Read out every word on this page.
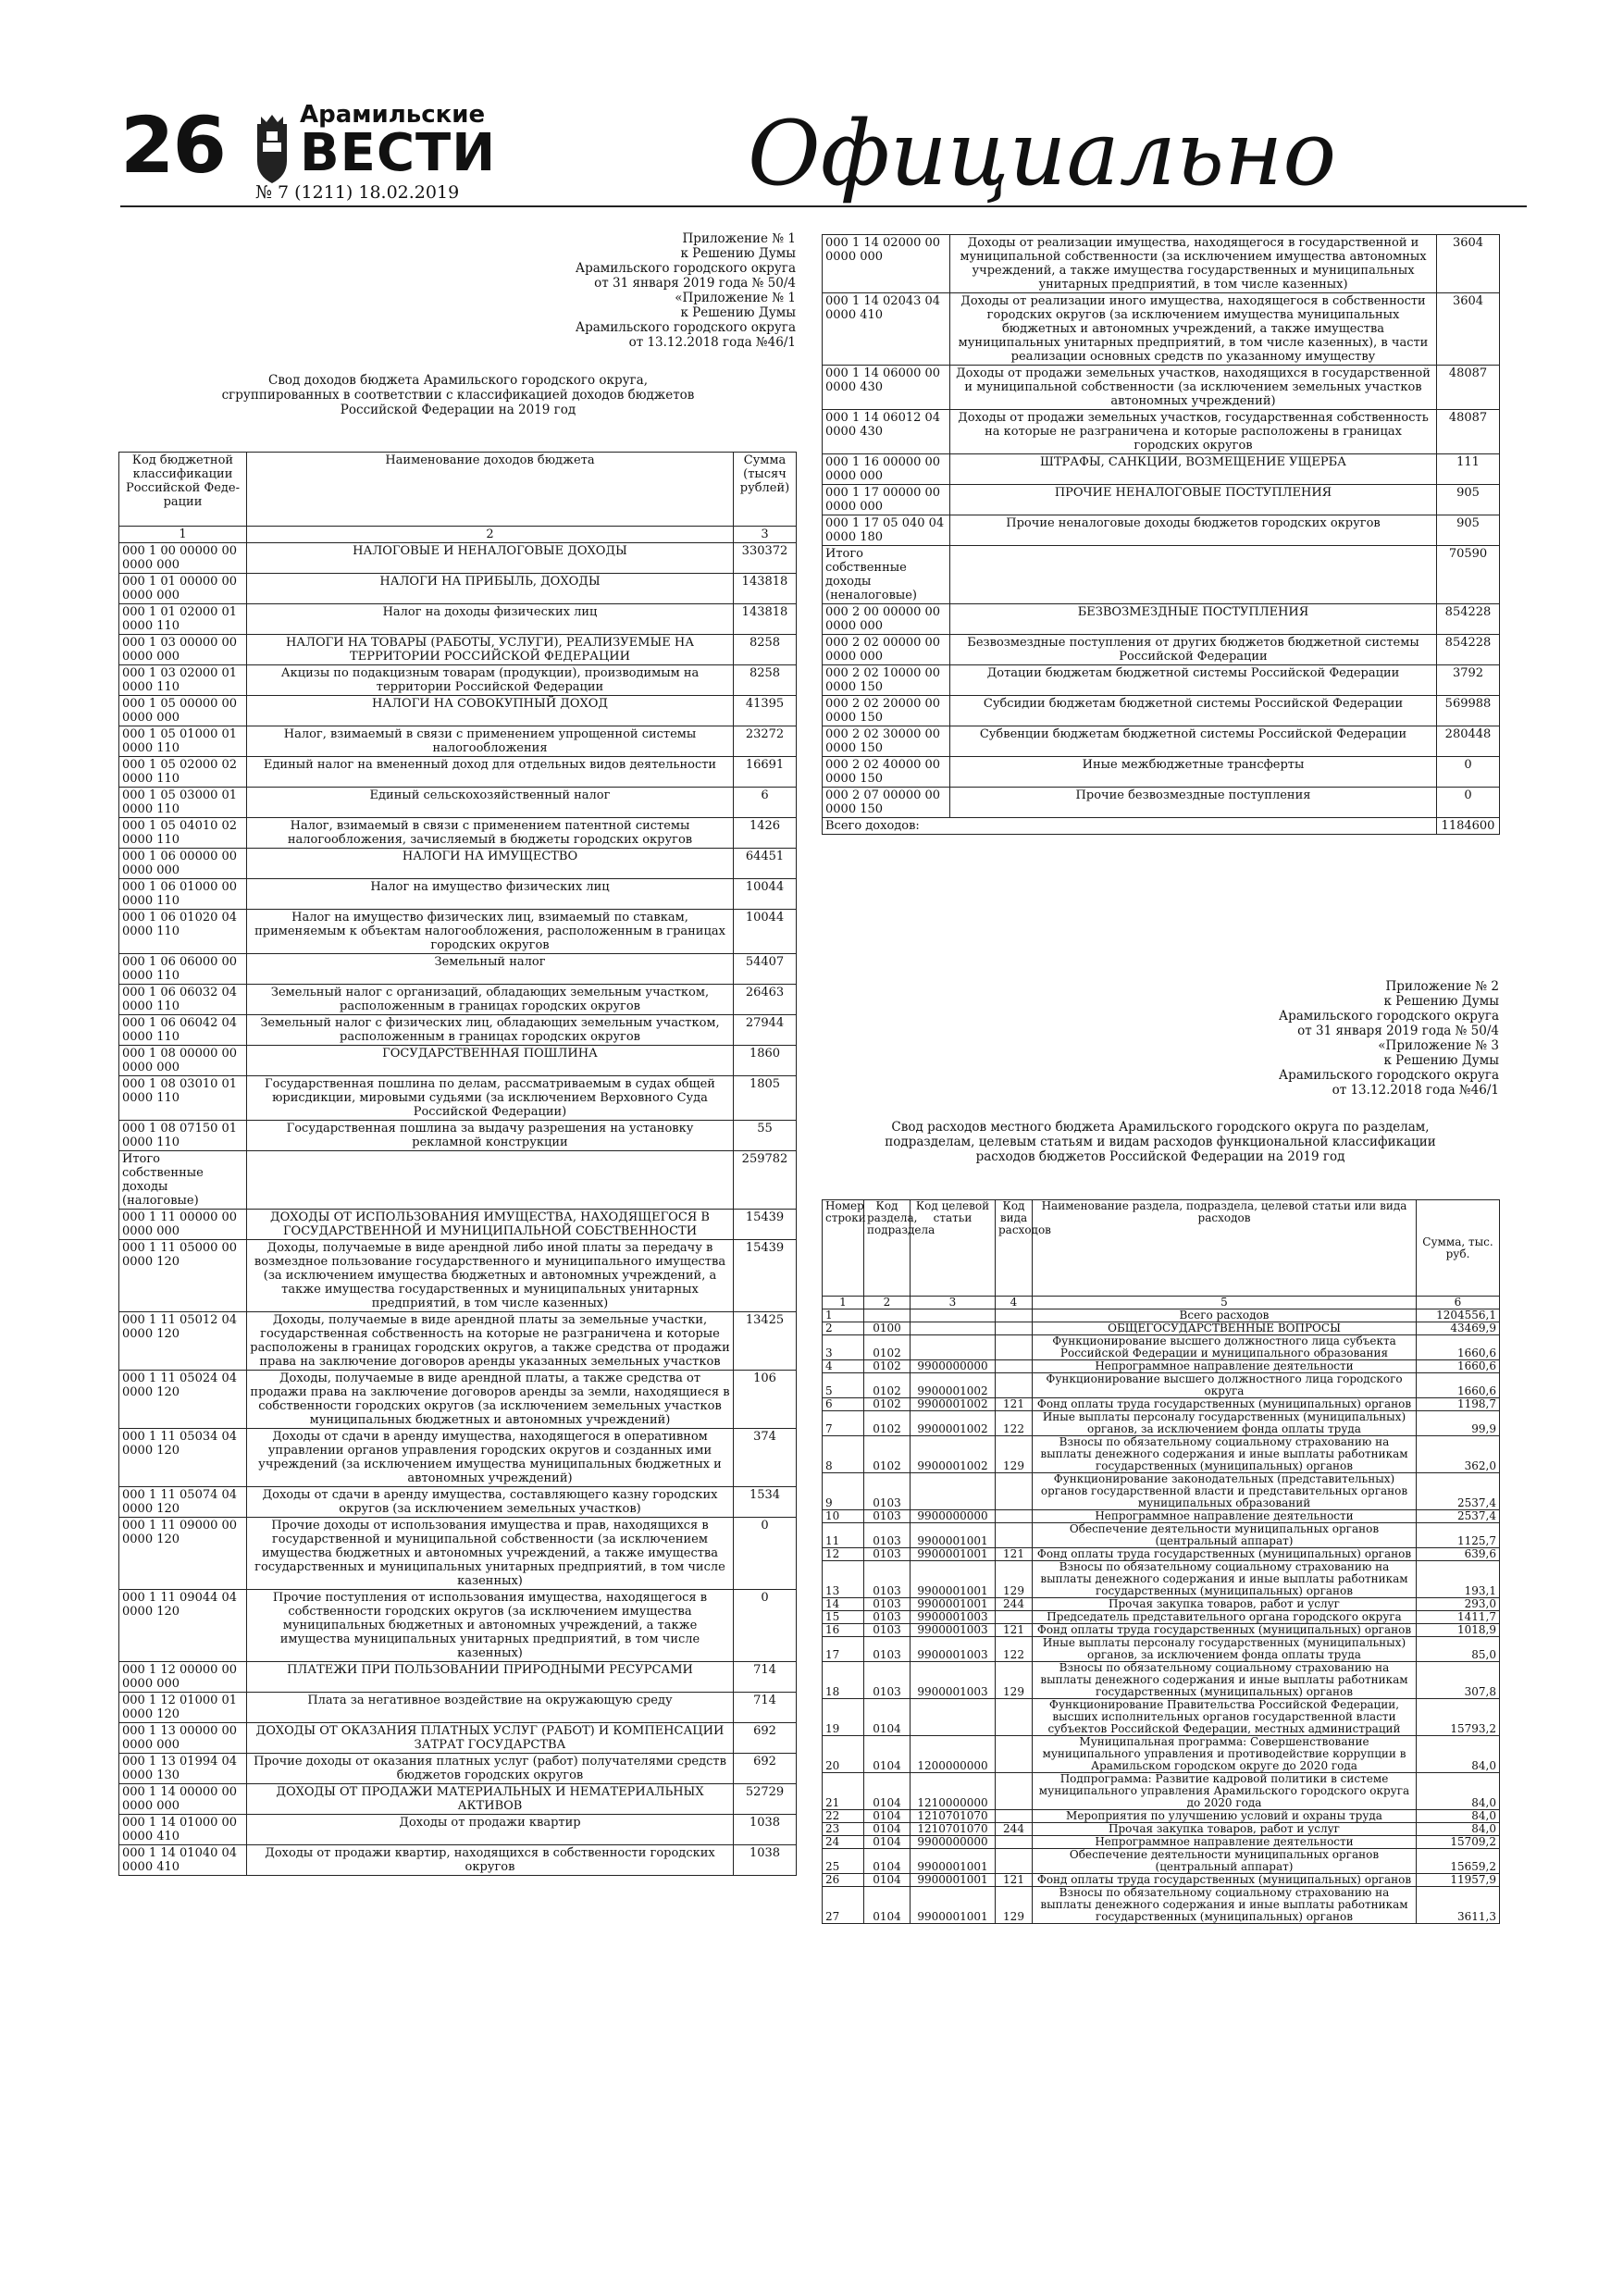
26	Арамильские
ВЕСТИ
№ 7 (1211) 18.02.2019	Официально
Приложение № 1
к Решению Думы
Арамильского городского округа
от 31 января 2019 года № 50/4
«Приложение № 1
к Решению Думы
Арамильского городского округа
от 13.12.2018 года №46/1
Свод доходов бюджета Арамильского городского округа,
сгруппированных в соответствии с классификацией доходов бюджетов
Российской Федерации на 2019 год
Код бюджетной классификации Российской Феде-рации	Наименование доходов бюджета	Сумма (тысяч рублей)
1	2	3
000 1 00 00000 00 0000 000	НАЛОГОВЫЕ И НЕНАЛОГОВЫЕ ДОХОДЫ	330372
000 1 01 00000 00 0000 000	НАЛОГИ НА ПРИБЫЛЬ, ДОХОДЫ	143818
000 1 01 02000 01 0000 110	Налог на доходы физических лиц	143818
000 1 03 00000 00 0000 000	НАЛОГИ НА ТОВАРЫ (РАБОТЫ, УСЛУГИ), РЕАЛИЗУЕМЫЕ НА ТЕРРИТОРИИ РОССИЙСКОЙ ФЕДЕРАЦИИ	8258
000 1 03 02000 01 0000 110	Акцизы по подакцизным товарам (продукции), производимым на территории Российской Федерации	8258
000 1 05 00000 00 0000 000	НАЛОГИ НА СОВОКУПНЫЙ ДОХОД	41395
000 1 05 01000 01 0000 110	Налог, взимаемый в связи с применением упрощенной системы налогообложения	23272
000 1 05 02000 02 0000 110	Единый налог на вмененный доход для отдельных видов деятельности	16691
000 1 05 03000 01 0000 110	Единый сельскохозяйственный налог	6
000 1 05 04010 02 0000 110	Налог, взимаемый в связи с применением патентной системы налогообложения, зачисляемый в бюджеты городских округов	1426
000 1 06 00000 00 0000 000	НАЛОГИ НА ИМУЩЕСТВО	64451
000 1 06 01000 00 0000 110	Налог на имущество физических лиц	10044
000 1 06 01020 04 0000 110	Налог на имущество физических лиц, взимаемый по ставкам, применяемым к объектам налогообложения, расположенным в границах городских округов	10044
000 1 06 06000 00 0000 110	Земельный налог	54407
000 1 06 06032 04 0000 110	Земельный налог с организаций, обладающих земельным участком, расположенным в границах городских округов	26463
000 1 06 06042 04 0000 110	Земельный налог с физических лиц, обладающих земельным участком, расположенным в границах городских округов	27944
000 1 08 00000 00 0000 000	ГОСУДАРСТВЕННАЯ ПОШЛИНА	1860
000 1 08 03010 01 0000 110	Государственная пошлина по делам, рассматриваемым в судах общей юрисдикции, мировыми судьями (за исключением Верховного Суда Российской Федерации)	1805
000 1 08 07150 01 0000 110	Государственная пошлина за выдачу разрешения на установку рекламной конструкции	55
Итого собственные доходы (налоговые)		259782
000 1 11 00000 00 0000 000	ДОХОДЫ ОТ ИСПОЛЬЗОВАНИЯ ИМУЩЕСТВА, НАХОДЯЩЕГОСЯ В ГОСУДАРСТВЕННОЙ И МУНИЦИПАЛЬНОЙ СОБСТВЕННОСТИ	15439
000 1 11 05000 00 0000 120	Доходы, получаемые в виде арендной либо иной платы за передачу в возмездное пользование государственного и муниципального имущества (за исключением имущества бюджетных и автономных учреждений, а также имущества государственных и муниципальных унитарных предприятий, в том числе казенных)	15439
000 1 11 05012 04 0000 120	Доходы, получаемые в виде арендной платы за земельные участки, государственная собственность на которые не разграничена и которые расположены в границах городских округов, а также средства от продажи права на заключение договоров аренды указанных земельных участков	13425
000 1 11 05024 04 0000 120	Доходы, получаемые в виде арендной платы, а также средства от продажи права на заключение договоров аренды за земли, находящиеся в собственности городских округов (за исключением земельных участков муниципальных бюджетных и автономных учреждений)	106
000 1 11 05034 04 0000 120	Доходы от сдачи в аренду имущества, находящегося в оперативном управлении органов управления городских округов и созданных ими учреждений (за исключением имущества муниципальных бюджетных и автономных учреждений)	374
000 1 11 05074 04 0000 120	Доходы от сдачи в аренду имущества, составляющего казну городских округов (за исключением земельных участков)	1534
000 1 11 09000 00 0000 120	Прочие доходы от использования имущества и прав, находящихся в государственной и муниципальной собственности (за исключением имущества бюджетных и автономных учреждений, а также имущества государственных и муниципальных унитарных предприятий, в том числе казенных)	0
000 1 11 09044 04 0000 120	Прочие поступления от использования имущества, находящегося в собственности городских округов (за исключением имущества муниципальных бюджетных и автономных учреждений, а также имущества муниципальных унитарных предприятий, в том числе казенных)	0
000 1 12 00000 00 0000 000	ПЛАТЕЖИ ПРИ ПОЛЬЗОВАНИИ ПРИРОДНЫМИ РЕСУРСАМИ	714
000 1 12 01000 01 0000 120	Плата за негативное воздействие на окружающую среду	714
000 1 13 00000 00 0000 000	ДОХОДЫ ОТ ОКАЗАНИЯ ПЛАТНЫХ УСЛУГ (РАБОТ) И КОМПЕНСАЦИИ ЗАТРАТ ГОСУДАРСТВА	692
000 1 13 01994 04 0000 130	Прочие доходы от оказания платных услуг (работ) получателями средств бюджетов городских округов	692
000 1 14 00000 00 0000 000	ДОХОДЫ ОТ ПРОДАЖИ МАТЕРИАЛЬНЫХ И НЕМАТЕРИАЛЬНЫХ АКТИВОВ	52729
000 1 14 01000 00 0000 410	Доходы от продажи квартир	1038
000 1 14 01040 04 0000 410	Доходы от продажи квартир, находящихся в собственности городских округов	1038
000 1 14 02000 00 0000 000	Доходы от реализации имущества, находящегося в государственной и муниципальной собственности (за исключением имущества автономных учреждений, а также имущества государственных и муниципальных унитарных предприятий, в том числе казенных)	3604
000 1 14 02043 04 0000 410	Доходы от реализации иного имущества, находящегося в собственности городских округов (за исключением имущества муниципальных бюджетных и автономных учреждений, а также имущества муниципальных унитарных предприятий, в том числе казенных), в части реализации основных средств по указанному имуществу	3604
000 1 14 06000 00 0000 430	Доходы от продажи земельных участков, находящихся в государственной и муниципальной собственности (за исключением земельных участков автономных учреждений)	48087
000 1 14 06012 04 0000 430	Доходы от продажи земельных участков, государственная собственность на которые не разграничена и которые расположены в границах городских округов	48087
000 1 16 00000 00 0000 000	ШТРАФЫ, САНКЦИИ, ВОЗМЕЩЕНИЕ УЩЕРБА	111
000 1 17 00000 00 0000 000	ПРОЧИЕ НЕНАЛОГОВЫЕ ПОСТУПЛЕНИЯ	905
000 1 17 05 040 04 0000 180	Прочие неналоговые доходы бюджетов городских округов	905
Итого собственные доходы (неналоговые)		70590
000 2 00 00000 00 0000 000	БЕЗВОЗМЕЗДНЫЕ ПОСТУПЛЕНИЯ	854228
000 2 02 00000 00 0000 000	Безвозмездные поступления от других бюджетов бюджетной системы Российской Федерации	854228
000 2 02 10000 00 0000 150	Дотации бюджетам бюджетной системы Российской Федерации	3792
000 2 02 20000 00 0000 150	Субсидии бюджетам бюджетной системы Российской Федерации	569988
000 2 02 30000 00 0000 150	Субвенции бюджетам бюджетной системы Российской Федерации	280448
000 2 02 40000 00 0000 150	Иные межбюджетные трансферты	0
000 2 07 00000 00 0000 150	Прочие безвозмездные поступления	0
Всего доходов:		1184600
Приложение № 2
к Решению Думы
Арамильского городского округа
от 31 января 2019 года № 50/4
«Приложение № 3
к Решению Думы
Арамильского городского округа
от 13.12.2018 года №46/1
Свод расходов местного бюджета Арамильского городского округа по разделам,
подразделам, целевым статьям и видам расходов функциональной классификации
расходов бюджетов Российской Федерации на 2019 год
Номер строки	Код раздела, подраздела	Код целевой статьи	Код вида расходов	Наименование раздела, подраздела, целевой статьи или вида расходов	Сумма, тыс. руб.
1	2	3	4	5	6
1				Всего расходов	1204556,1
2	0100			ОБЩЕГОСУДАРСТВЕННЫЕ ВОПРОСЫ	43469,9
3	0102			Функционирование высшего должностного лица субъекта Российской Федерации и муниципального образования	1660,6
4	0102	9900000000		Непрограммное направление деятельности	1660,6
5	0102	9900001002		Функционирование высшего должностного лица городского округа	1660,6
6	0102	9900001002	121	Фонд оплаты труда государственных (муниципальных) органов	1198,7
7	0102	9900001002	122	Иные выплаты персоналу государственных (муниципальных) органов, за исключением фонда оплаты труда	99,9
8	0102	9900001002	129	Взносы по обязательному социальному страхованию на выплаты денежного содержания и иные выплаты работникам государственных (муниципальных) органов	362,0
9	0103			Функционирование законодательных (представительных) органов государственной власти и представительных органов муниципальных образований	2537,4
10	0103	9900000000		Непрограммное направление деятельности	2537,4
11	0103	9900001001		Обеспечение деятельности муниципальных органов (центральный аппарат)	1125,7
12	0103	9900001001	121	Фонд оплаты труда государственных (муниципальных) органов	639,6
13	0103	9900001001	129	Взносы по обязательному социальному страхованию на выплаты денежного содержания и иные выплаты работникам государственных (муниципальных) органов	193,1
14	0103	9900001001	244	Прочая закупка товаров, работ и услуг	293,0
15	0103	9900001003		Председатель представительного органа городского округа	1411,7
16	0103	9900001003	121	Фонд оплаты труда государственных (муниципальных) органов	1018,9
17	0103	9900001003	122	Иные выплаты персоналу государственных (муниципальных) органов, за исключением фонда оплаты труда	85,0
18	0103	9900001003	129	Взносы по обязательному социальному страхованию на выплаты денежного содержания и иные выплаты работникам государственных (муниципальных) органов	307,8
19	0104			Функционирование Правительства Российской Федерации, высших исполнительных органов государственной власти субъектов Российской Федерации, местных администраций	15793,2
20	0104	1200000000		Муниципальная программа: Совершенствование муниципального управления и противодействие коррупции в Арамильском городском округе до 2020 года	84,0
21	0104	1210000000		Подпрограмма: Развитие кадровой политики в системе муниципального управления Арамильского городского округа до 2020 года	84,0
22	0104	1210701070		Мероприятия по улучшению условий и охраны труда	84,0
23	0104	1210701070	244	Прочая закупка товаров, работ и услуг	84,0
24	0104	9900000000		Непрограммное направление деятельности	15709,2
25	0104	9900001001		Обеспечение деятельности муниципальных органов (центральный аппарат)	15659,2
26	0104	9900001001	121	Фонд оплаты труда государственных (муниципальных) органов	11957,9
27	0104	9900001001	129	Взносы по обязательному социальному страхованию на выплаты денежного содержания и иные выплаты работникам государственных (муниципальных) органов	3611,3
